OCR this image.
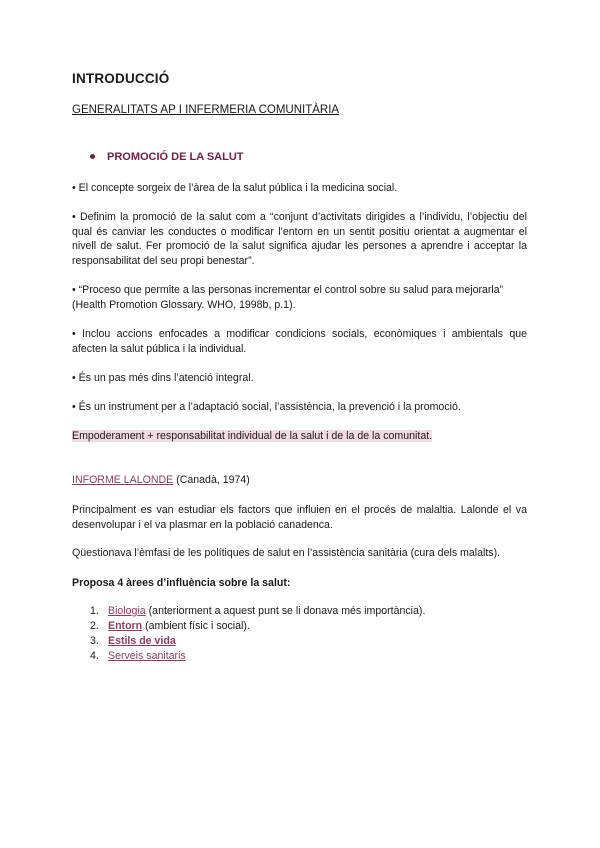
INTRODUCCIÓ
GENERALITATS AP I INFERMERIA COMUNITÀRIA
PROMOCIÓ DE LA SALUT

• El concepte sorgeix de l’àrea de la salut pública i la medicina social.

• Definim la promoció de la salut com a “conjunt d’activitats dirigides a l’individu, l’objectiu del qual és canviar les conductes o modificar l’entorn en un sentit positiu orientat a augmentar el nivell de salut. Fer promoció de la salut significa ajudar les persones a aprendre i acceptar la responsabilitat del seu propi benestar”.

• “Proceso que permite a las personas incrementar el control sobre su salud para mejorarla” (Health Promotion Glossary. WHO, 1998b, p.1).

• Inclou accions enfocades a modificar condicions socials, econòmiques i ambientals que afecten la salut pública i la individual.

• És un pas més dins l’atenció integral.

• És un instrument per a l’adaptació social, l’assistència, la prevenció i la promoció.

Empoderament + responsabilitat individual de la salut i de la de la comunitat.

INFORME LALONDE (Canadà, 1974)

Principalment es van estudiar els factors que influien en el procés de malaltia. Lalonde el va desenvolupar i el va plasmar en la població canadenca.

Qüestionava l’èmfasi de les polítiques de salut en l’assistència sanitària (cura dels malalts).

Proposa 4 àrees d’influència sobre la salut:

1. Biologia (anteriorment a aquest punt se li donava més importància).
2. Entorn (ambient físic i social).
3. Estils de vida
4. Serveis sanitaris
